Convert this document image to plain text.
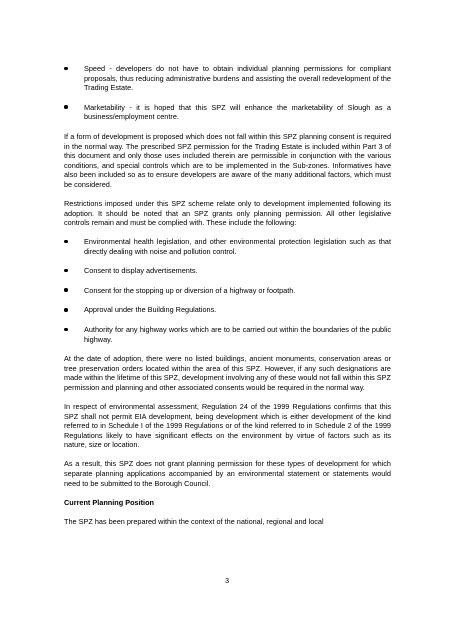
Speed - developers do not have to obtain individual planning permissions for compliant proposals, thus reducing administrative burdens and assisting the overall redevelopment of the Trading Estate.
Marketability - it is hoped that this SPZ will enhance the marketability of Slough as a business/employment centre.

If a form of development is proposed which does not fall within this SPZ planning consent is required in the normal way. The prescribed SPZ permission for the Trading Estate is included within Part 3 of this document and only those uses included therein are permissible in conjunction with the various conditions, and special controls which are to be implemented in the Sub-zones. Informatives have also been included so as to ensure developers are aware of the many additional factors, which must be considered.

Restrictions imposed under this SPZ scheme relate only to development implemented following its adoption. It should be noted that an SPZ grants only planning permission. All other legislative controls remain and must be complied with. These include the following:

Environmental health legislation, and other environmental protection legislation such as that directly dealing with noise and pollution control.
Consent to display advertisements.
Consent for the stopping up or diversion of a highway or footpath.
Approval under the Building Regulations.
Authority for any highway works which are to be carried out within the boundaries of the public highway.

At the date of adoption, there were no listed buildings, ancient monuments, conservation areas or tree preservation orders located within the area of this SPZ. However, if any such designations are made within the lifetime of this SPZ, development involving any of these would not fall within this SPZ permission and planning and other associated consents would be required in the normal way.

In respect of environmental assessment, Regulation 24 of the 1999 Regulations confirms that this SPZ shall not permit EIA development, being development which is either development of the kind referred to in Schedule I of the 1999 Regulations or of the kind referred to in Schedule 2 of the 1999 Regulations likely to have significant effects on the environment by virtue of factors such as its nature, size or location.

As a result, this SPZ does not grant planning permission for these types of development for which separate planning applications accompanied by an environmental statement or statements would need to be submitted to the Borough Council.

Current Planning Position

The SPZ has been prepared within the context of the national, regional and local

3
